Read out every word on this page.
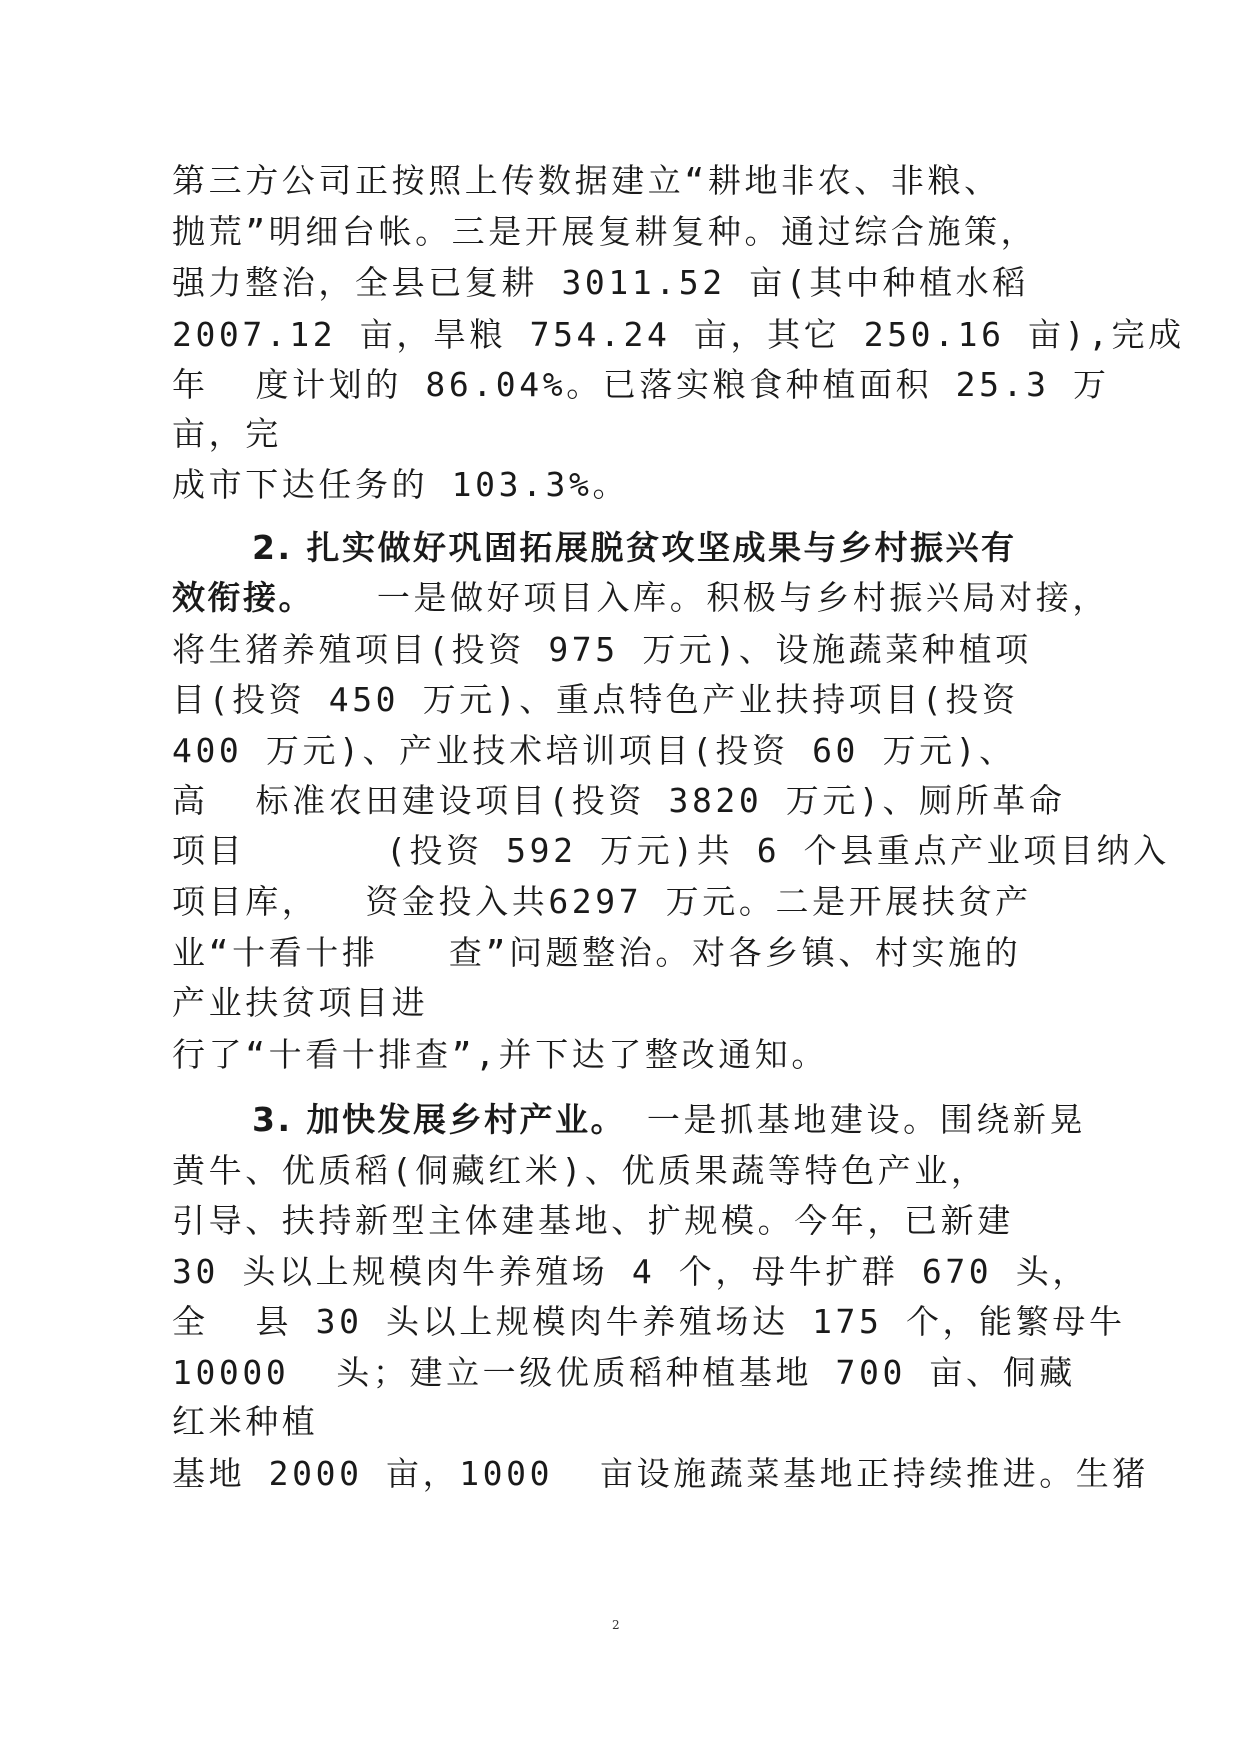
第三方公司正按照上传数据建立“耕地非农、非粮、
抛荒”明细台帐。三是开展复耕复种。通过综合施策，
强力整治，全县已复耕 3011.52 亩(其中种植水稻
2007.12 亩，旱粮 754.24 亩，其它 250.16 亩),完成
年  度计划的 86.04%。已落实粮食种植面积 25.3 万
亩，完
成市下达任务的 103.3%。
2. 扎实做好巩固拓展脱贫攻坚成果与乡村振兴有
效衔接。 一是做好项目入库。积极与乡村振兴局对接，
将生猪养殖项目(投资 975 万元)、设施蔬菜种植项
目(投资 450 万元)、重点特色产业扶持项目(投资
400 万元)、产业技术培训项目(投资 60 万元)、
高  标准农田建设项目(投资 3820 万元)、厕所革命
项目      (投资 592 万元)共 6 个县重点产业项目纳入
项目库，  资金投入共6297 万元。二是开展扶贫产
业“十看十排   查”问题整治。对各乡镇、村实施的
产业扶贫项目进
行了“十看十排查”,并下达了整改通知。
3. 加快发展乡村产业。
一是抓基地建设。围绕新晃
黄牛、优质稻(侗藏红米)、优质果蔬等特色产业，
引导、扶持新型主体建基地、扩规模。今年，已新建
30 头以上规模肉牛养殖场 4 个，母牛扩群 670 头，
全  县 30 头以上规模肉牛养殖场达 175 个，能繁母牛
10000  头；建立一级优质稻种植基地 700 亩、侗藏
红米种植
基地 2000 亩，1000  亩设施蔬菜基地正持续推进。生猪
2
